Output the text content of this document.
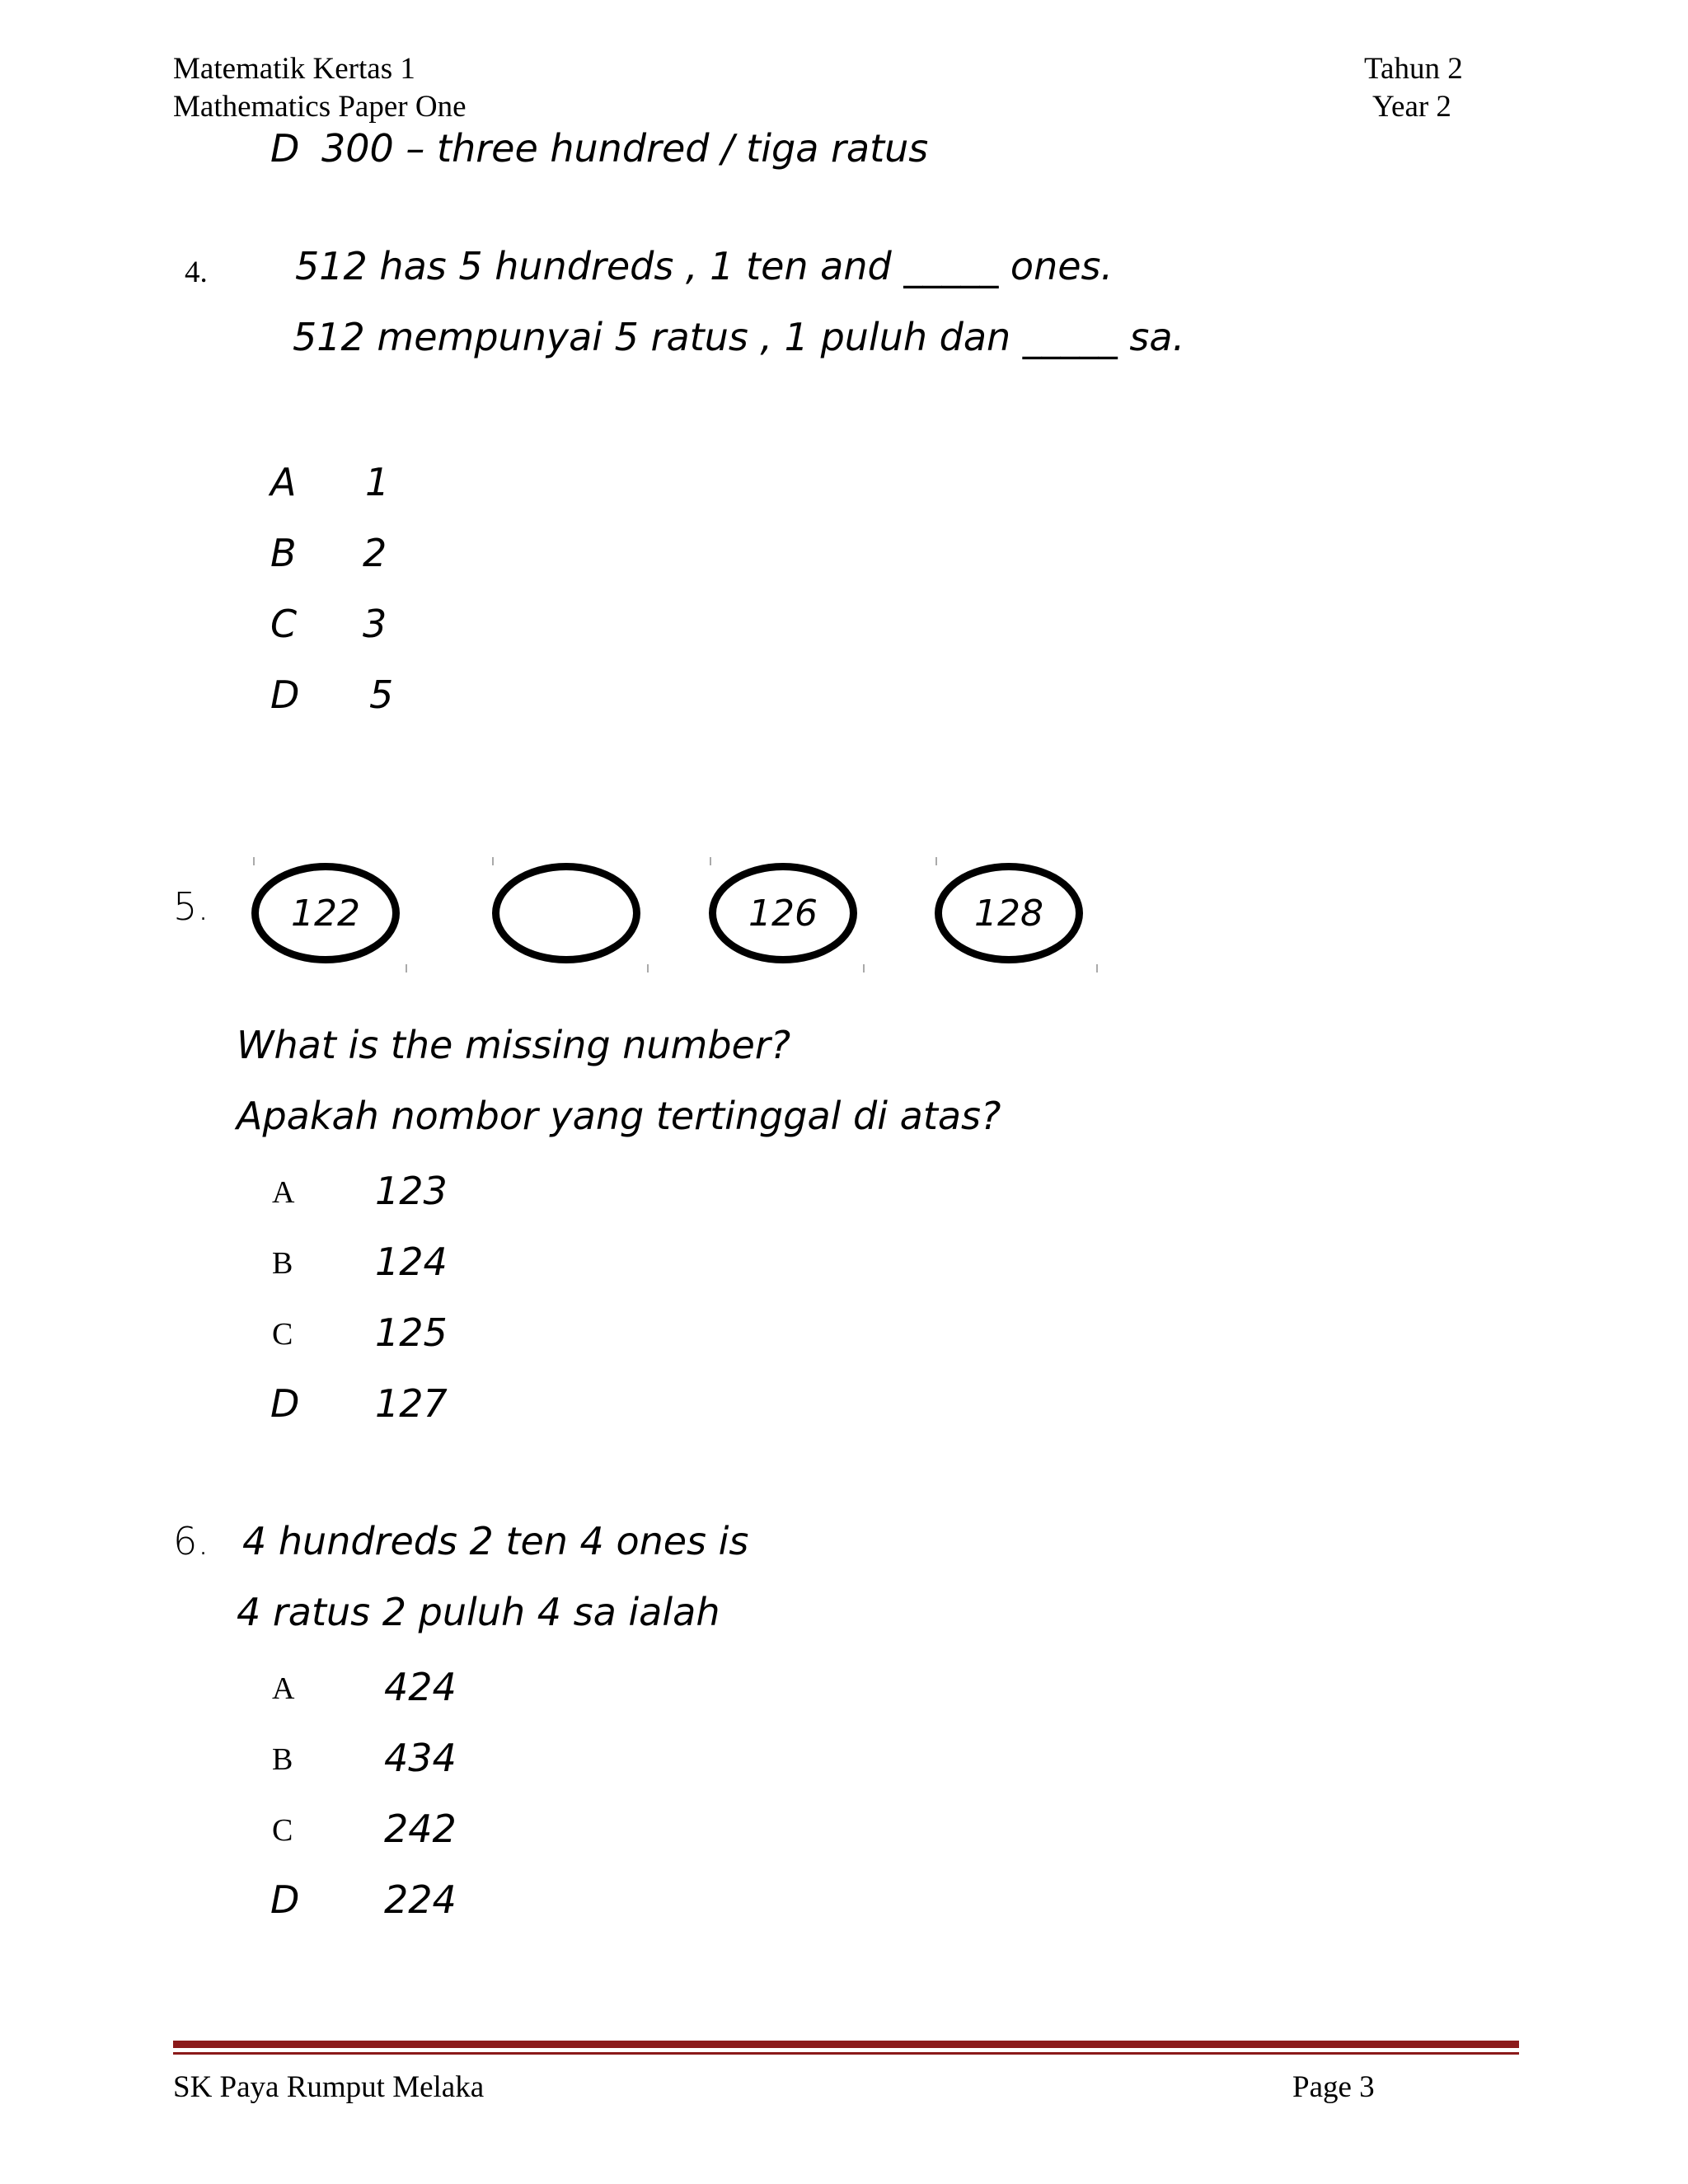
Matematik Kertas 1
Mathematics Paper One
Tahun 2
Year 2
D 300 – three hundred / tiga ratus
4. 512 has 5 hundreds , 1 ten and _____ ones.
512 mempunyai 5 ratus , 1 puluh dan _____ sa.
A 1
B 2
C 3
D 5
5. 122	126	128
What is the missing number?
Apakah nombor yang tertinggal di atas?
A 123
B 124
C 125
D 127
6. 4 hundreds 2 ten 4 ones is
4 ratus 2 puluh 4 sa ialah
A 424
B 434
C 242
D 224
SK Paya Rumput Melaka	Page 3
